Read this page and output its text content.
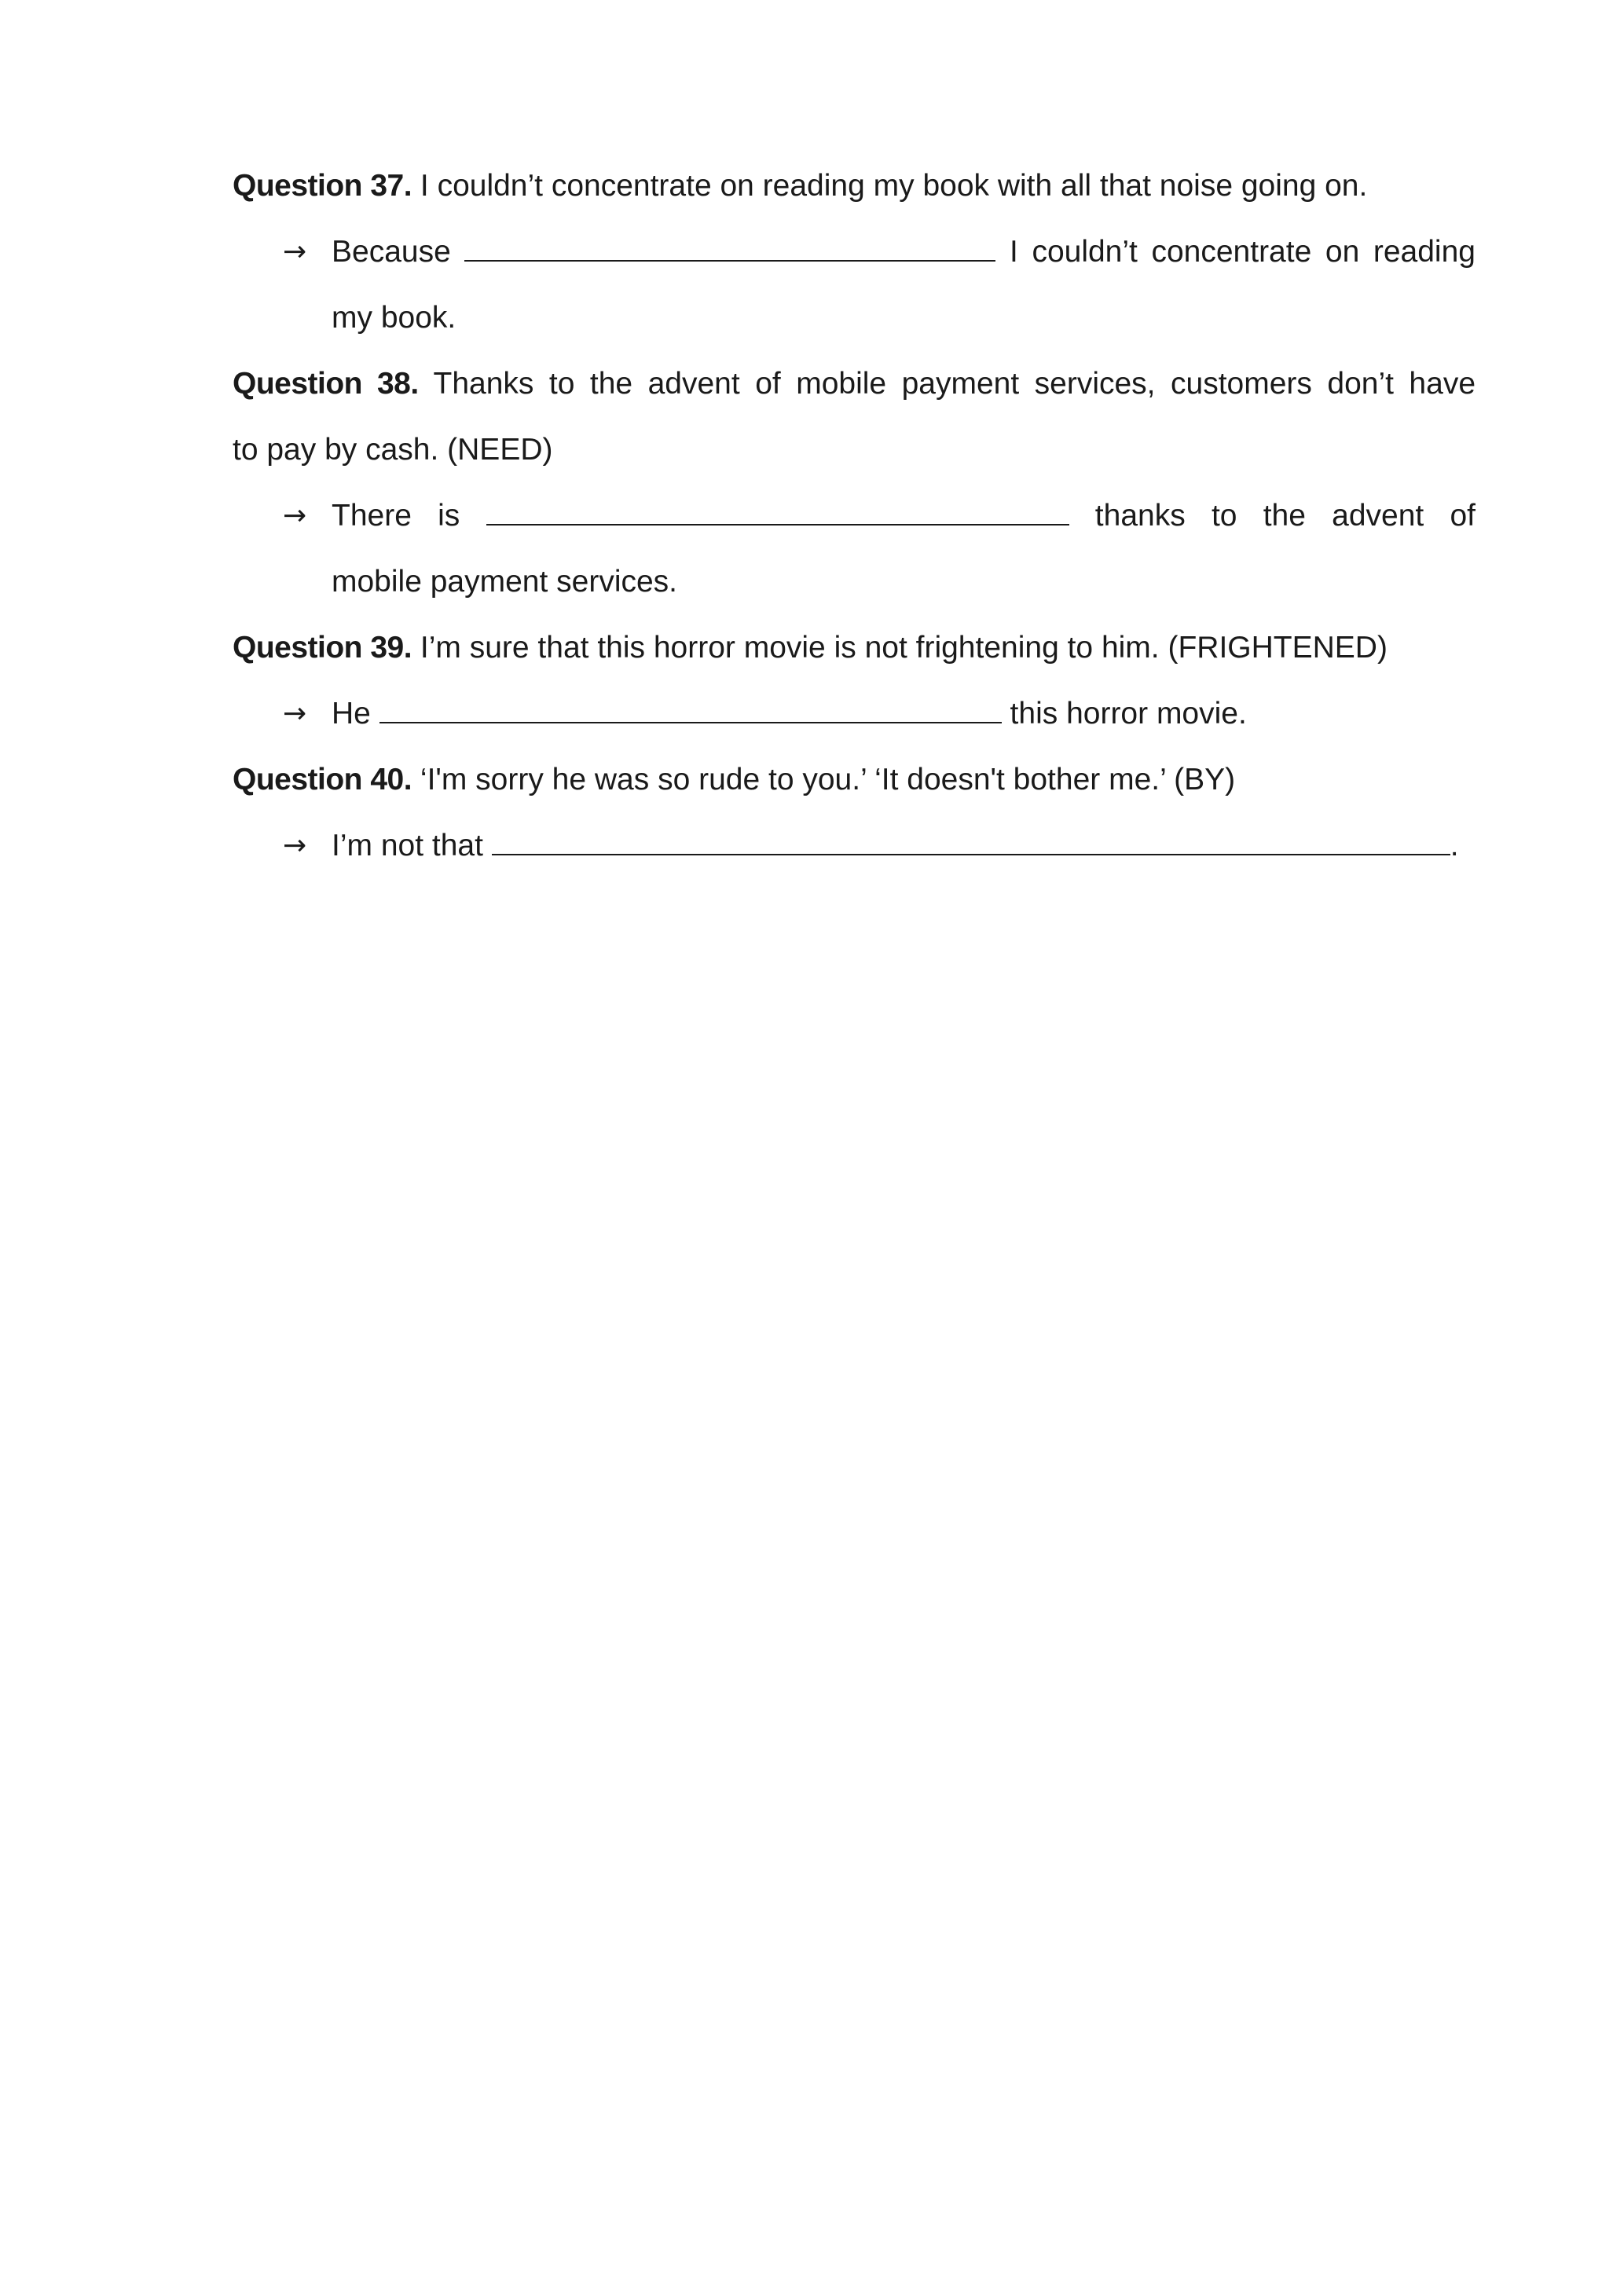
Question 37. I couldn’t concentrate on reading my book with all that noise going on.
→ Because	I couldn’t concentrate on reading
my book.
Question 38. Thanks to the advent of mobile payment services, customers don’t have
to pay by cash. (NEED)
→ There is	thanks to the advent of
mobile payment services.
Question 39. I’m sure that this horror movie is not frightening to him. (FRIGHTENED)
→ He	this horror movie.
Question 40. ‘I'm sorry he was so rude to you.’ ‘It doesn't bother me.’ (BY)
→ I’m not that	.
